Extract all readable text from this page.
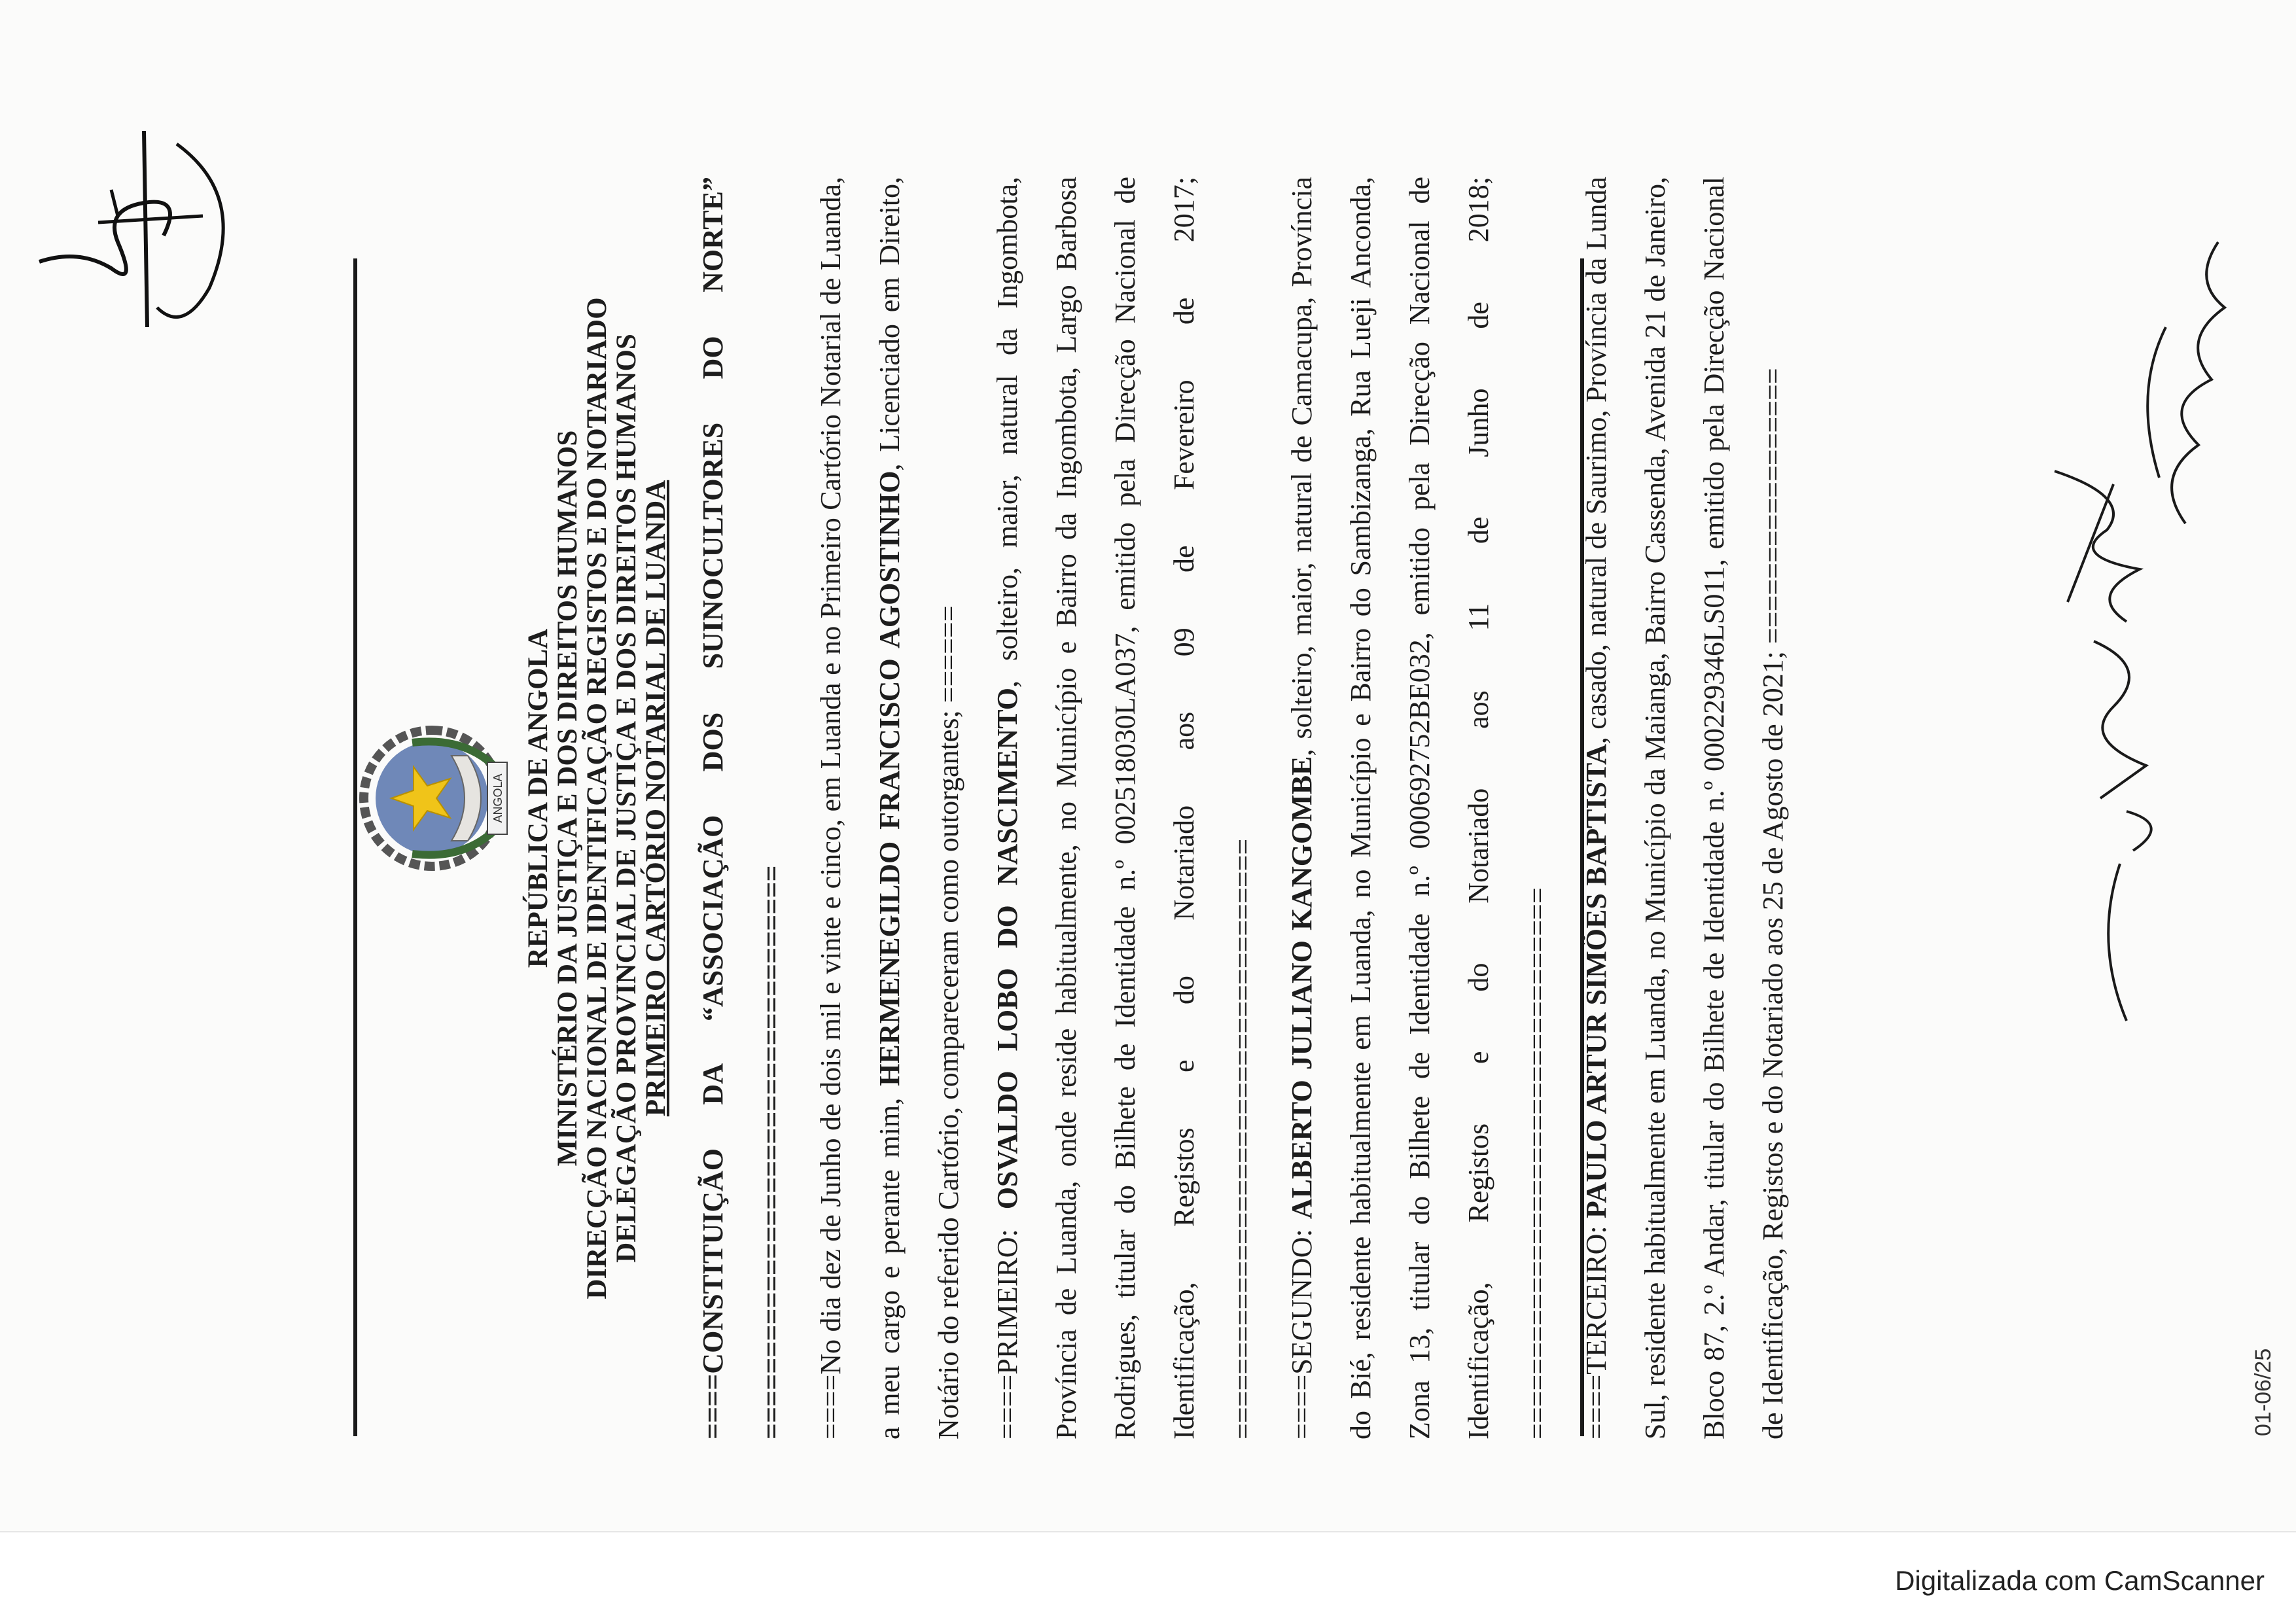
ANGOLA REPÚBLICA DE ANGOLA
MINISTÉRIO DA JUSTIÇA E DOS DIREITOS HUMANOS
DIRECÇÃO NACIONAL DE IDENTIFICAÇÃO REGISTOS E DO NOTARIADO
DELEGAÇÃO PROVINCIAL DE JUSTIÇA E DOS DIREITOS HUMANOS
PRIMEIRO CARTÓRIO NOTARIAL DE LUANDA ====CONSTITUIÇÃO DA “ASSOCIAÇÃO DOS SUINOCULTORES DO NORTE” =================================== ====No dia dez de Junho de dois mil e vinte e cinco, em Luanda e no Primeiro Cartório Notarial de Luanda, a meu cargo e perante mim, HERMENEGILDO FRANCISCO AGOSTINHO, Licenciado em Direito, Notário do referido Cartório, compareceram como outorgantes; ====== ====PRIMEIRO: OSVALDO LOBO DO NASCIMENTO, solteiro, maior, natural da Ingombota, Província de Luanda, onde reside habitualmente, no Município e Bairro da Ingombota, Largo Barbosa Rodrigues, titular do Bilhete de Identidade n.º 002518030LA037, emitido pela Direcção Nacional de Identificação, Registos e do Notariado aos 09 de Fevereiro de 2017; ===================================== ====SEGUNDO: ALBERTO JULIANO KANGOMBE, solteiro, maior, natural de Camacupa, Província do Bié, residente habitualmente em Luanda, no Município e Bairro do Sambizanga, Rua Lueji Anconda, Zona 13, titular do Bilhete de Identidade n.º 000692752BE032, emitido pela Direcção Nacional de Identificação, Registos e do Notariado aos 11 de Junho de 2018; ================================== ====TERCEIRO: PAULO ARTUR SIMÕES BAPTISTA, casado, natural de Saurimo, Província da Lunda Sul, residente habitualmente em Luanda, no Município da Maianga, Bairro Cassenda, Avenida 21 de Janeiro, Bloco 87, 2.º Andar, titular do Bilhete de Identidade n.º 000229346LS011, emitido pela Direcção Nacional de Identificação, Registos e do Notariado aos 25 de Agosto de 2021; =================	01-06/25
Digitalizada com CamScanner
